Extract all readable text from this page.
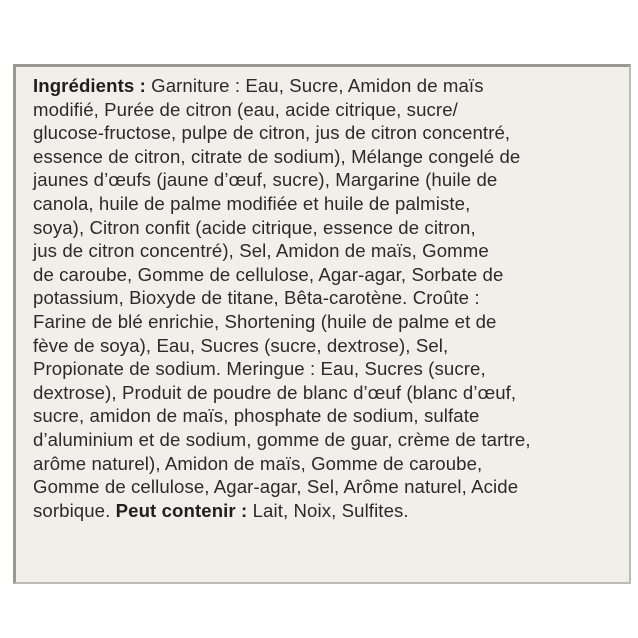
Ingrédients : Garniture : Eau, Sucre, Amidon de maïs
modifié, Purée de citron (eau, acide citrique, sucre/
glucose-fructose, pulpe de citron, jus de citron concentré,
essence de citron, citrate de sodium), Mélange congelé de
jaunes d’œufs (jaune d’œuf, sucre), Margarine (huile de
canola, huile de palme modifiée et huile de palmiste,
soya), Citron confit (acide citrique, essence de citron,
jus de citron concentré), Sel, Amidon de maïs, Gomme
de caroube, Gomme de cellulose, Agar-agar, Sorbate de
potassium, Bioxyde de titane, Bêta-carotène. Croûte :
Farine de blé enrichie, Shortening (huile de palme et de
fève de soya), Eau, Sucres (sucre, dextrose), Sel,
Propionate de sodium. Meringue : Eau, Sucres (sucre,
dextrose), Produit de poudre de blanc d’œuf (blanc d’œuf,
sucre, amidon de maïs, phosphate de sodium, sulfate
d’aluminium et de sodium, gomme de guar, crème de tartre,
arôme naturel), Amidon de maïs, Gomme de caroube,
Gomme de cellulose, Agar-agar, Sel, Arôme naturel, Acide
sorbique. Peut contenir : Lait, Noix, Sulfites.
